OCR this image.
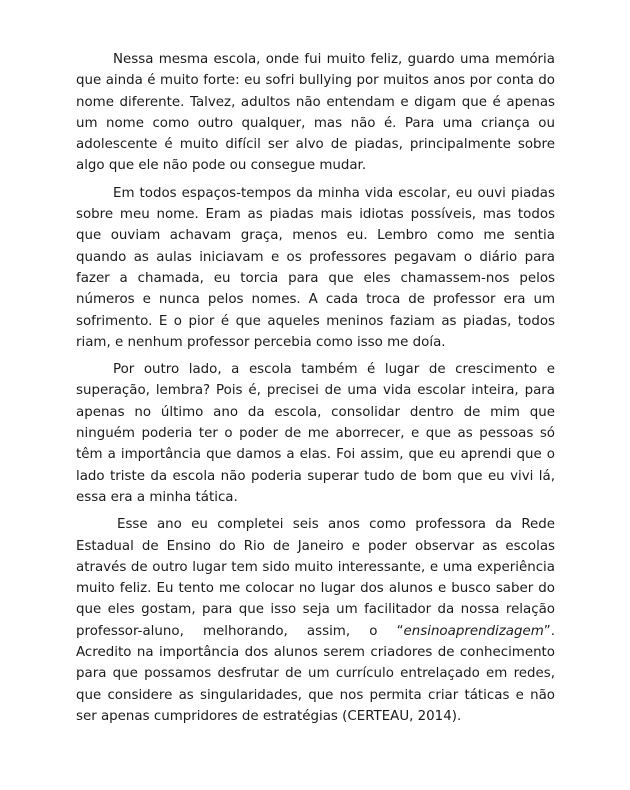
Nessa mesma escola, onde fui muito feliz, guardo uma memória que ainda é muito forte: eu sofri bullying por muitos anos por conta do nome diferente. Talvez, adultos não entendam e digam que é apenas um nome como outro qualquer, mas não é. Para uma criança ou adolescente é muito difícil ser alvo de piadas, principalmente sobre algo que ele não pode ou consegue mudar.

Em todos espaços-tempos da minha vida escolar, eu ouvi piadas sobre meu nome. Eram as piadas mais idiotas possíveis, mas todos que ouviam achavam graça, menos eu. Lembro como me sentia quando as aulas iniciavam e os professores pegavam o diário para fazer a chamada, eu torcia para que eles chamassem-nos pelos números e nunca pelos nomes. A cada troca de professor era um sofrimento. E o pior é que aqueles meninos faziam as piadas, todos riam, e nenhum professor percebia como isso me doía.

Por outro lado, a escola também é lugar de crescimento e superação, lembra? Pois é, precisei de uma vida escolar inteira, para apenas no último ano da escola, consolidar dentro de mim que ninguém poderia ter o poder de me aborrecer, e que as pessoas só têm a importância que damos a elas. Foi assim, que eu aprendi que o lado triste da escola não poderia superar tudo de bom que eu vivi lá, essa era a minha tática.

Esse ano eu completei seis anos como professora da Rede Estadual de Ensino do Rio de Janeiro e poder observar as escolas através de outro lugar tem sido muito interessante, e uma experiência muito feliz. Eu tento me colocar no lugar dos alunos e busco saber do que eles gostam, para que isso seja um facilitador da nossa relação professor-aluno, melhorando, assim, o “ensinoaprendizagem”. Acredito na importância dos alunos serem criadores de conhecimento para que possamos desfrutar de um currículo entrelaçado em redes, que considere as singularidades, que nos permita criar táticas e não ser apenas cumpridores de estratégias (CERTEAU, 2014).
